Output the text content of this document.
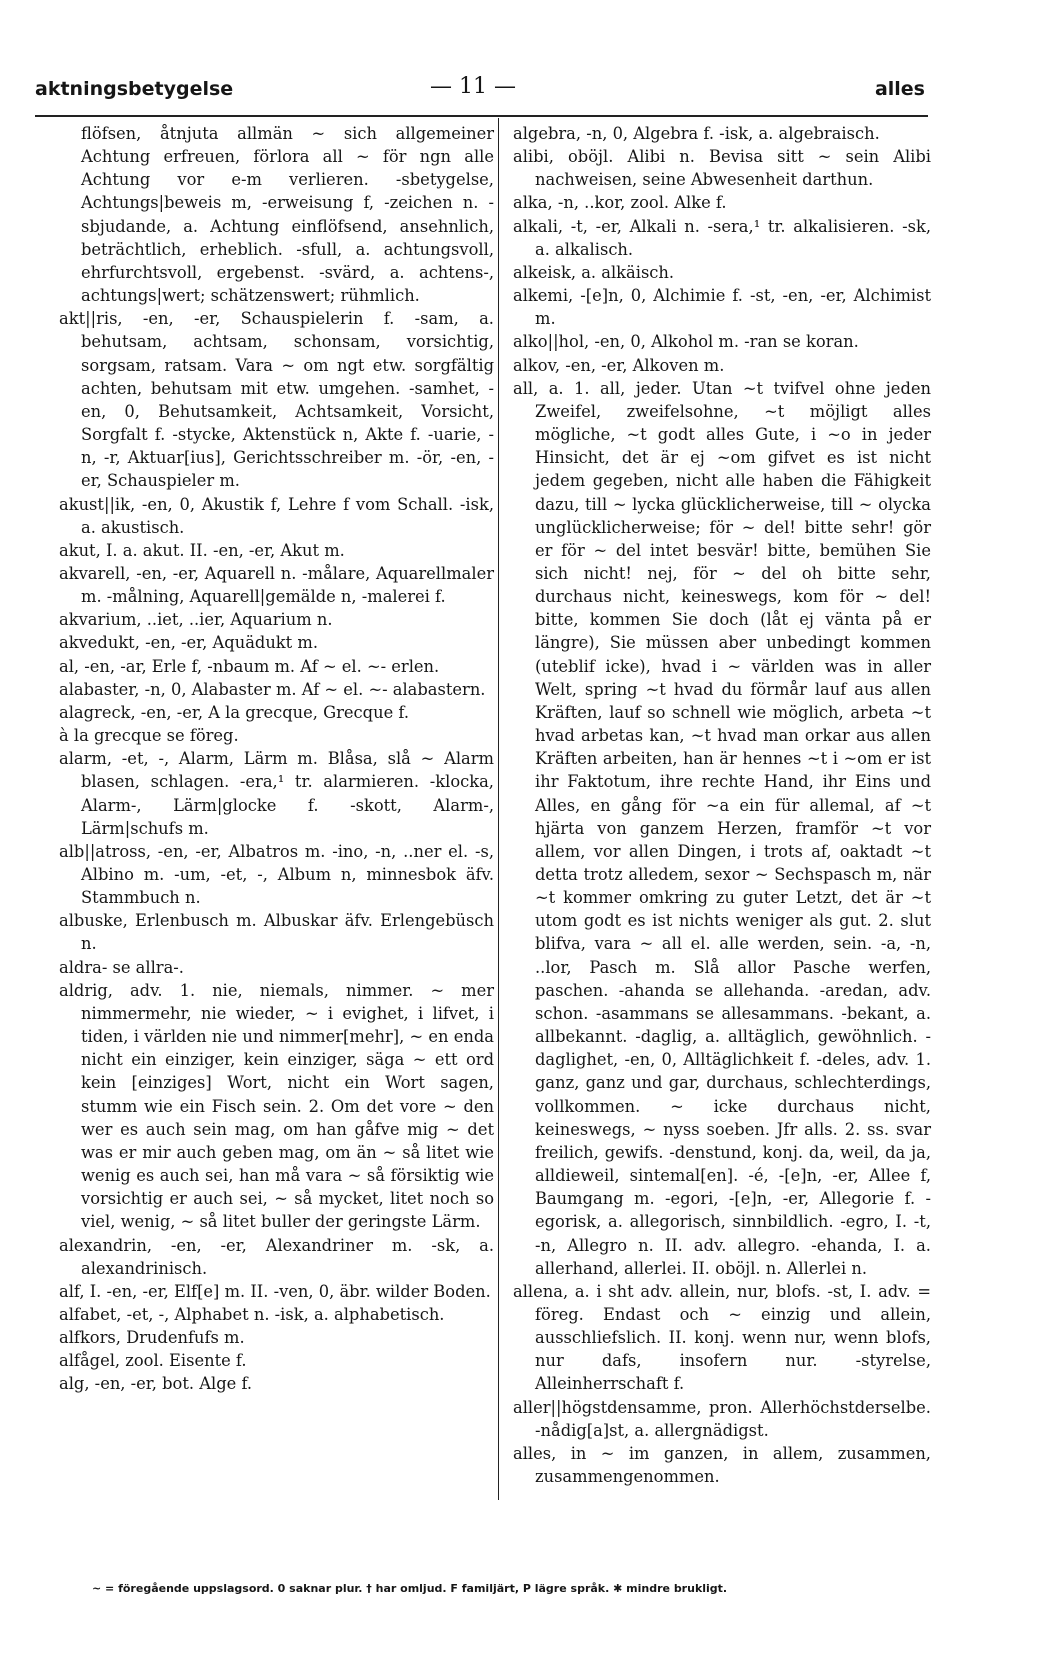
aktningsbetygelse	— 11 —	alles

flöfsen, åtnjuta allmän ~ sich allgemeiner Achtung erfreuen, förlora all ~ för ngn alle Achtung vor e-m verlieren. -sbetygelse, Achtungs|beweis m, -erweisung f, -zeichen n. -sbjudande, a. Achtung einflöfsend, ansehnlich, beträchtlich, erheblich. -sfull, a. achtungsvoll, ehrfurchtsvoll, ergebenst. -svärd, a. achtens-, achtungs|wert; schätzenswert; rühmlich.

akt||ris, -en, -er, Schauspielerin f. -sam, a. behutsam, achtsam, schonsam, vorsichtig, sorgsam, ratsam. Vara ~ om ngt etw. sorgfältig achten, behutsam mit etw. umgehen. -samhet, -en, 0, Behutsamkeit, Achtsamkeit, Vorsicht, Sorgfalt f. -stycke, Aktenstück n, Akte f. -uarie, -n, -r, Aktuar[ius], Gerichtsschreiber m. -ör, -en, -er, Schauspieler m.

akust||ik, -en, 0, Akustik f, Lehre f vom Schall. -isk, a. akustisch.

akut, I. a. akut. II. -en, -er, Akut m.

akvarell, -en, -er, Aquarell n. -målare, Aquarellmaler m. -målning, Aquarell|gemälde n, -malerei f.

akvarium, ..iet, ..ier, Aquarium n.

akvedukt, -en, -er, Aquädukt m.

al, -en, -ar, Erle f, -nbaum m. Af ~ el. ~- erlen.

alabaster, -n, 0, Alabaster m. Af ~ el. ~- alabastern.

alagreck, -en, -er, A la grecque, Grecque f.

à la grecque se föreg.

alarm, -et, -, Alarm, Lärm m. Blåsa, slå ~ Alarm blasen, schlagen. -era,¹ tr. alarmieren. -klocka, Alarm-, Lärm|glocke f. -skott, Alarm-, Lärm|schufs m.

alb||atross, -en, -er, Albatros m. -ino, -n, ..ner el. -s, Albino m. -um, -et, -, Album n, minnesbok äfv. Stammbuch n.

albuske, Erlenbusch m. Albuskar äfv. Erlengebüsch n.

aldra- se allra-.

aldrig, adv. 1. nie, niemals, nimmer. ~ mer nimmermehr, nie wieder, ~ i evighet, i lifvet, i tiden, i världen nie und nimmer[mehr], ~ en enda nicht ein einziger, kein einziger, säga ~ ett ord kein [einziges] Wort, nicht ein Wort sagen, stumm wie ein Fisch sein. 2. Om det vore ~ den wer es auch sein mag, om han gåfve mig ~ det was er mir auch geben mag, om än ~ så litet wie wenig es auch sei, han må vara ~ så försiktig wie vorsichtig er auch sei, ~ så mycket, litet noch so viel, wenig, ~ så litet buller der geringste Lärm.

alexandrin, -en, -er, Alexandriner m. -sk, a. alexandrinisch.

alf, I. -en, -er, Elf[e] m. II. -ven, 0, äbr. wilder Boden.

alfabet, -et, -, Alphabet n. -isk, a. alphabetisch.

alfkors, Drudenfufs m.

alfågel, zool. Eisente f.

alg, -en, -er, bot. Alge f.

algebra, -n, 0, Algebra f. -isk, a. algebraisch.

alibi, oböjl. Alibi n. Bevisa sitt ~ sein Alibi nachweisen, seine Abwesenheit darthun.

alka, -n, ..kor, zool. Alke f.

alkali, -t, -er, Alkali n. -sera,¹ tr. alkalisieren. -sk, a. alkalisch.

alkeisk, a. alkäisch.

alkemi, -[e]n, 0, Alchimie f. -st, -en, -er, Alchimist m.

alko||hol, -en, 0, Alkohol m. -ran se koran.

alkov, -en, -er, Alkoven m.

all, a. 1. all, jeder. Utan ~t tvifvel ohne jeden Zweifel, zweifelsohne, ~t möjligt alles mögliche, ~t godt alles Gute, i ~o in jeder Hinsicht, det är ej ~om gifvet es ist nicht jedem gegeben, nicht alle haben die Fähigkeit dazu, till ~ lycka glücklicherweise, till ~ olycka unglücklicherweise; för ~ del! bitte sehr! gör er för ~ del intet besvär! bitte, bemühen Sie sich nicht! nej, för ~ del oh bitte sehr, durchaus nicht, keineswegs, kom för ~ del! bitte, kommen Sie doch (låt ej vänta på er längre), Sie müssen aber unbedingt kommen (uteblif icke), hvad i ~ världen was in aller Welt, spring ~t hvad du förmår lauf aus allen Kräften, lauf so schnell wie möglich, arbeta ~t hvad arbetas kan, ~t hvad man orkar aus allen Kräften arbeiten, han är hennes ~t i ~om er ist ihr Faktotum, ihre rechte Hand, ihr Eins und Alles, en gång för ~a ein für allemal, af ~t hjärta von ganzem Herzen, framför ~t vor allem, vor allen Dingen, i trots af, oaktadt ~t detta trotz alledem, sexor ~ Sechspasch m, när ~t kommer omkring zu guter Letzt, det är ~t utom godt es ist nichts weniger als gut. 2. slut blifva, vara ~ all el. alle werden, sein. -a, -n, ..lor, Pasch m. Slå allor Pasche werfen, paschen. -ahanda se allehanda. -aredan, adv. schon. -asammans se allesammans. -bekant, a. allbekannt. -daglig, a. alltäglich, gewöhnlich. -daglighet, -en, 0, Alltäglichkeit f. -deles, adv. 1. ganz, ganz und gar, durchaus, schlechterdings, vollkommen. ~ icke durchaus nicht, keineswegs, ~ nyss soeben. Jfr alls. 2. ss. svar freilich, gewifs. -denstund, konj. da, weil, da ja, alldieweil, sintemal[en]. -é, -[e]n, -er, Allee f, Baumgang m. -egori, -[e]n, -er, Allegorie f. -egorisk, a. allegorisch, sinnbildlich. -egro, I. -t, -n, Allegro n. II. adv. allegro. -ehanda, I. a. allerhand, allerlei. II. oböjl. n. Allerlei n.

allena, a. i sht adv. allein, nur, blofs. -st, I. adv. = föreg. Endast och ~ einzig und allein, ausschliefslich. II. konj. wenn nur, wenn blofs, nur dafs, insofern nur. -styrelse, Alleinherrschaft f.

aller||högstdensamme, pron. Allerhöchstderselbe. -nådig[a]st, a. allergnädigst.

alles, in ~ im ganzen, in allem, zusammen, zusammengenommen.

~ = föregående uppslagsord. 0 saknar plur. † har omljud. F familjärt, P lägre språk. ✱ mindre brukligt.
